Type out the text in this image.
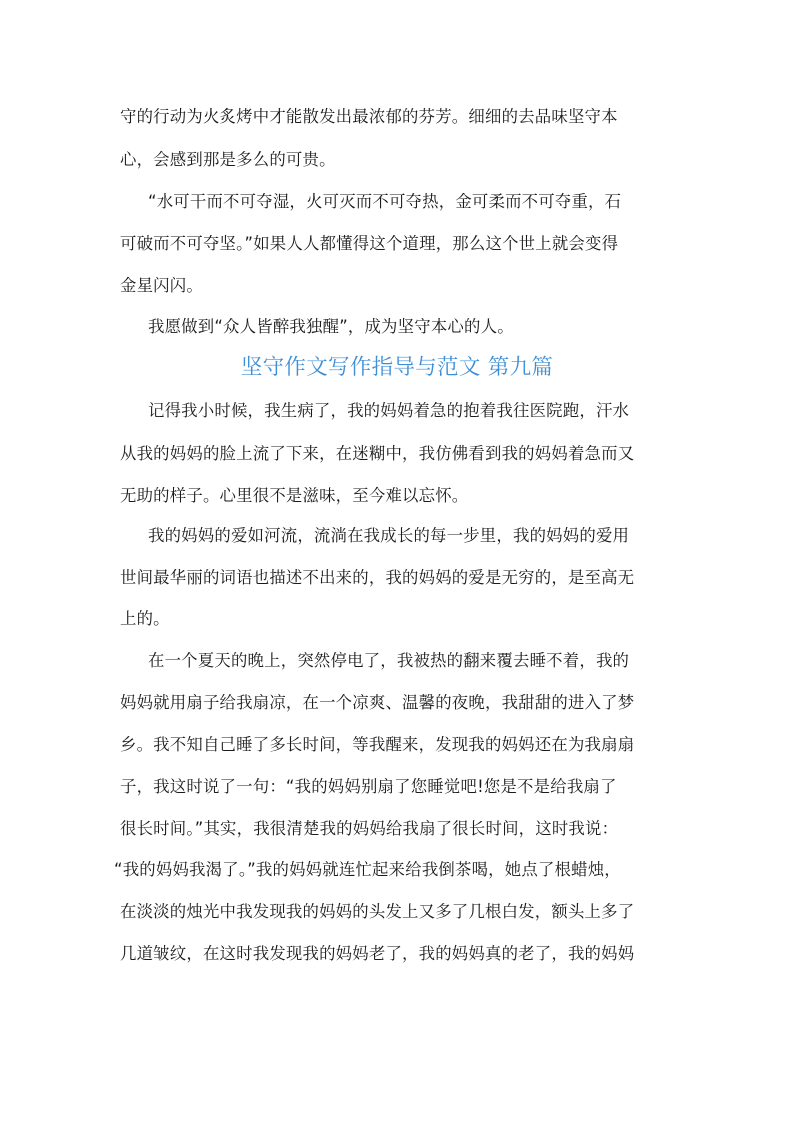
守的行动为火炙烤中才能散发出最浓郁的芬芳。细细的去品味坚守本
心，会感到那是多么的可贵。
“水可干而不可夺湿，火可灭而不可夺热，金可柔而不可夺重，石
可破而不可夺坚。”如果人人都懂得这个道理，那么这个世上就会变得
金星闪闪。
我愿做到“众人皆醉我独醒”，成为坚守本心的人。
坚守作文写作指导与范文 第九篇
记得我小时候，我生病了，我的妈妈着急的抱着我往医院跑，汗水
从我的妈妈的脸上流了下来，在迷糊中，我仿佛看到我的妈妈着急而又
无助的样子。心里很不是滋味，至今难以忘怀。
我的妈妈的爱如河流，流淌在我成长的每一步里，我的妈妈的爱用
世间最华丽的词语也描述不出来的，我的妈妈的爱是无穷的，是至高无
上的。
在一个夏天的晚上，突然停电了，我被热的翻来覆去睡不着，我的
妈妈就用扇子给我扇凉，在一个凉爽、温馨的夜晚，我甜甜的进入了梦
乡。我不知自己睡了多长时间，等我醒来，发现我的妈妈还在为我扇扇
子，我这时说了一句：“我的妈妈别扇了您睡觉吧!您是不是给我扇了
很长时间。”其实，我很清楚我的妈妈给我扇了很长时间，这时我说：
“我的妈妈我渴了。”我的妈妈就连忙起来给我倒茶喝，她点了根蜡烛，
在淡淡的烛光中我发现我的妈妈的头发上又多了几根白发，额头上多了
几道皱纹，在这时我发现我的妈妈老了，我的妈妈真的老了，我的妈妈
